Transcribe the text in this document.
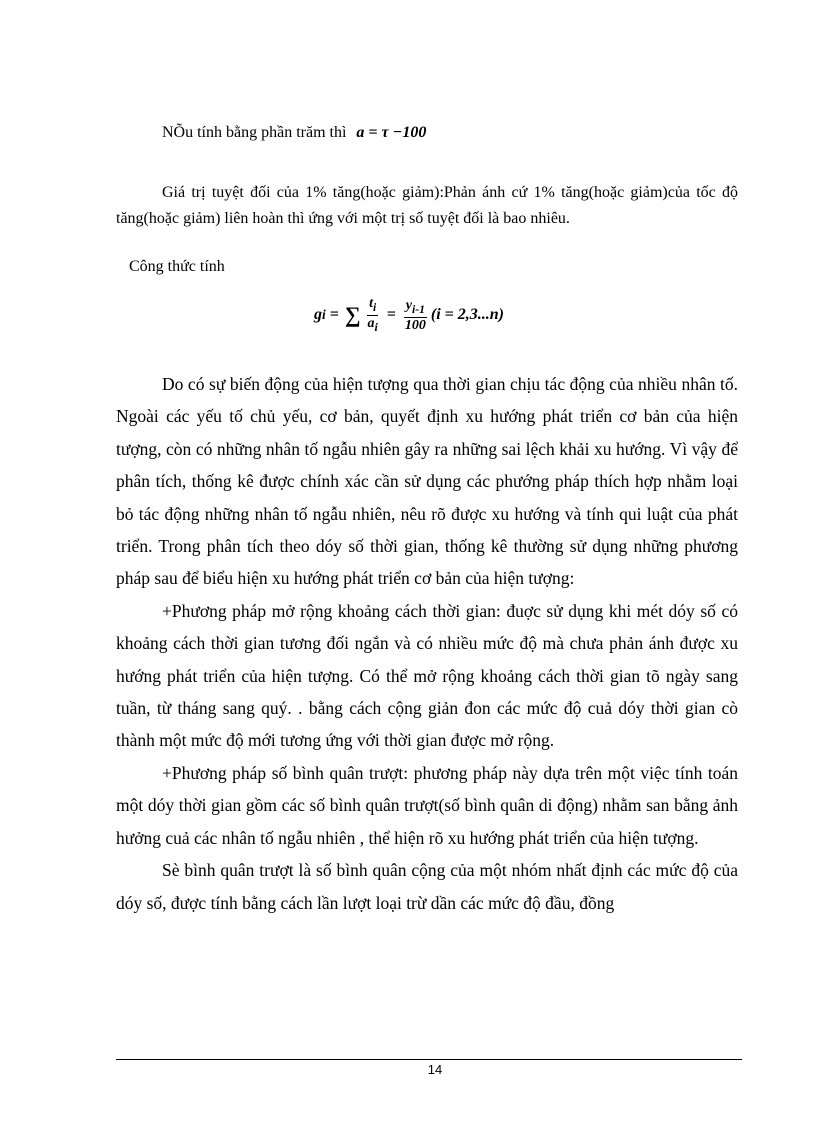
NÕu tính bằng phần trăm thì a = τ −100
Giá trị tuyệt đối của 1% tăng(hoặc giảm):Phản ánh cứ 1% tăng(hoặc giảm)của tốc độ tăng(hoặc giảm) liên hoàn thì ứng với một trị số tuyệt đối là bao nhiêu.
Công thức tính
g i = ∑ $\frac{t_i}{a_i} = \frac{y_{i-1}}{100} (i = 2,3...n)$

Do có sự biến động của hiện tượng qua thời gian chịu tác động của nhiều nhân tố. Ngoài các yếu tố chủ yếu, cơ bản, quyết định xu hướng phát triển cơ bản của hiện tượng, còn có những nhân tố ngẫu nhiên gây ra những sai lệch khải xu hướng. Vì vậy để phân tích, thống kê được chính xác cần sử dụng các phướng pháp thích hợp nhằm loại bỏ tác động những nhân tố ngẫu nhiên, nêu rõ được xu hướng và tính qui luật của phát triển. Trong phân tích theo dóy số thời gian, thống kê thường sử dụng những phương pháp sau để biểu hiện xu hướng phát triển cơ bản của hiện tượng:

+Phương pháp mở rộng khoảng cách thời gian: đuợc sử dụng khi mét dóy số có khoảng cách thời gian tương đối ngắn và có nhiều mức độ mà chưa phản ánh được xu hướng phát triển của hiện tượng. Có thể mở rộng khoảng cách thời gian tõ ngày sang tuần, từ tháng sang quý. . bằng cách cộng giản đon các mức độ cuả dóy thời gian cò thành một mức độ mới tương ứng với thời gian được mở rộng.

+Phương pháp số bình quân trượt: phương pháp này dựa trên một việc tính toán một dóy thời gian gồm các số bình quân trượt(số bình quân di động) nhằm san bằng ảnh hưởng cuả các nhân tố ngẫu nhiên , thể hiện rõ xu hướng phát triển của hiện tượng.

Sè bình quân trượt là số bình quân cộng của một nhóm nhất định các mức độ của dóy số, được tính bằng cách lần lượt loại trừ dần các mức độ đầu, đồng

14
